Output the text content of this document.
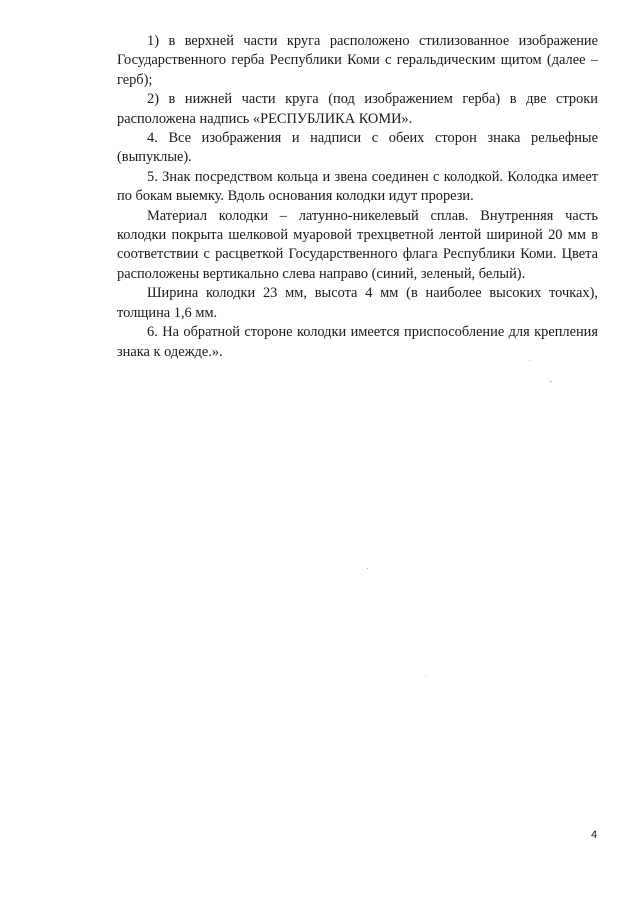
1) в верхней части круга расположено стилизованное изображение Государственного герба Республики Коми с геральдическим щитом (далее – герб);

2) в нижней части круга (под изображением герба) в две строки расположена надпись «РЕСПУБЛИКА КОМИ».

4. Все изображения и надписи с обеих сторон знака рельефные (выпуклые).

5. Знак посредством кольца и звена соединен с колодкой. Колодка имеет по бокам выемку. Вдоль основания колодки идут прорези.

Материал колодки – латунно-никелевый сплав. Внутренняя часть колодки покрыта шелковой муаровой трехцветной лентой шириной 20 мм в соответствии с расцветкой Государственного флага Республики Коми. Цвета расположены вертикально слева направо (синий, зеленый, белый).

Ширина колодки 23 мм, высота 4 мм (в наиболее высоких точках), толщина 1,6 мм.

6. На обратной стороне колодки имеется приспособление для крепления знака к одежде.».

4
